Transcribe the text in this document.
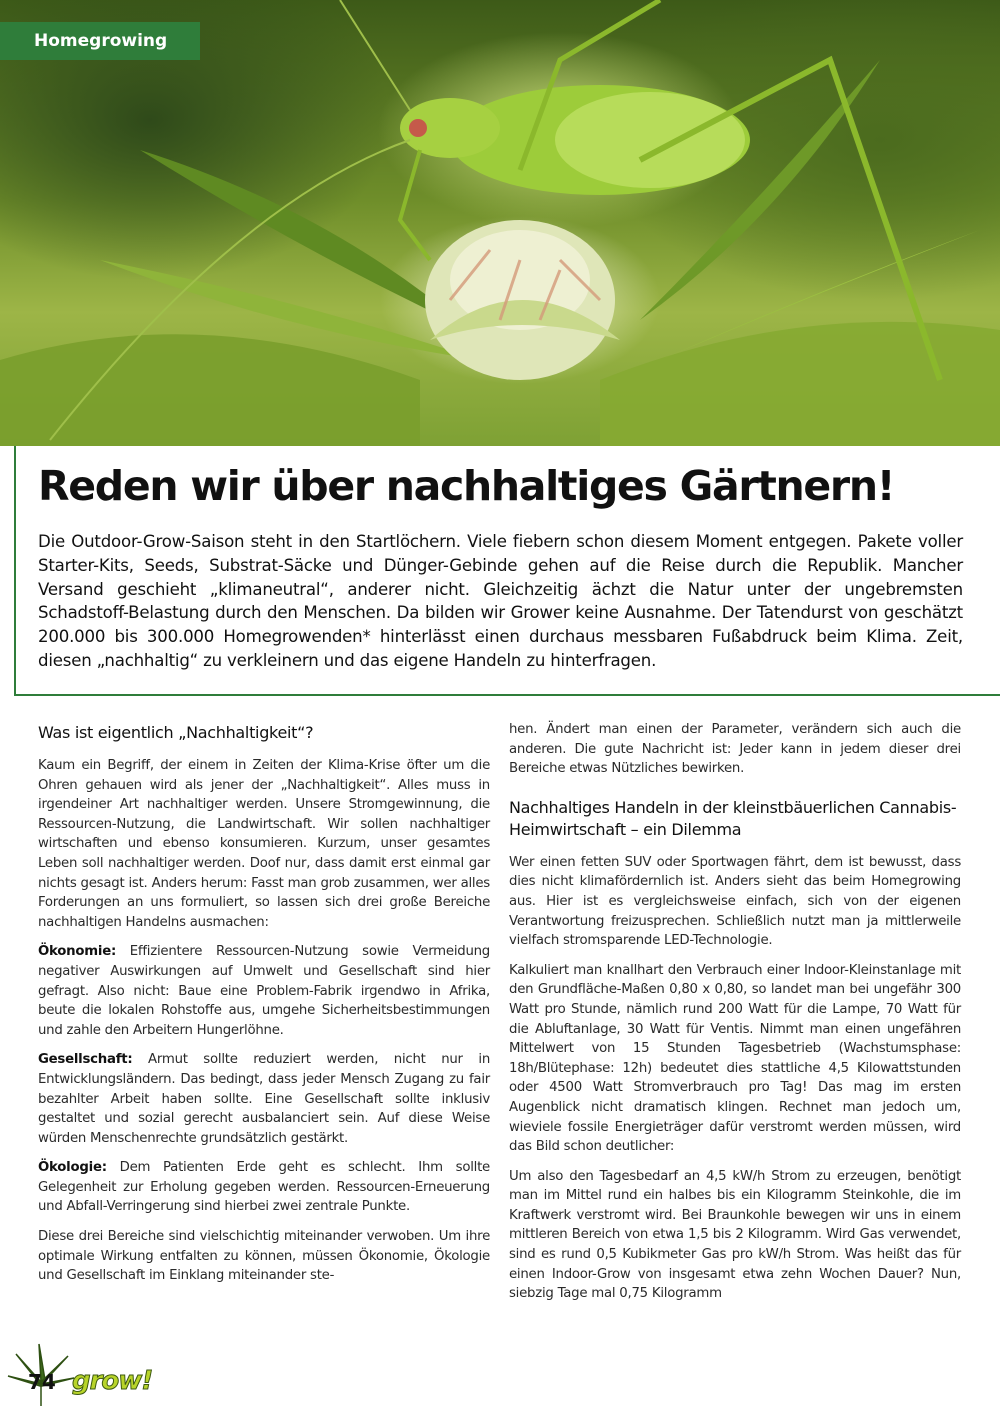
Homegrowing
Reden wir über nachhaltiges Gärtnern!

Die Outdoor-Grow-Saison steht in den Startlöchern. Viele fiebern schon diesem Moment entgegen. Pakete voller Starter-Kits, Seeds, Substrat-Säcke und Dünger-Gebinde gehen auf die Reise durch die Republik. Mancher Versand geschieht „klimaneutral“, anderer nicht. Gleichzeitig ächzt die Natur unter der ungebremsten Schadstoff-Belastung durch den Menschen. Da bilden wir Grower keine Ausnahme. Der Tatendurst von geschätzt 200.000 bis 300.000 Homegrowenden* hinterlässt einen durchaus messbaren Fußabdruck beim Klima. Zeit, diesen „nachhaltig“ zu verkleinern und das eigene Handeln zu hinterfragen.

Was ist eigentlich „Nachhaltigkeit“?

Kaum ein Begriff, der einem in Zeiten der Klima-Krise öfter um die Ohren gehauen wird als jener der „Nachhaltigkeit“. Alles muss in irgendeiner Art nachhaltiger werden. Unsere Stromgewinnung, die Ressourcen-Nutzung, die Landwirtschaft. Wir sollen nachhaltiger wirtschaften und ebenso konsumieren. Kurzum, unser gesamtes Leben soll nachhaltiger werden. Doof nur, dass damit erst einmal gar nichts gesagt ist. Anders herum: Fasst man grob zusammen, wer alles Forderungen an uns formuliert, so lassen sich drei große Bereiche nachhaltigen Handelns ausmachen:

Ökonomie: Effizientere Ressourcen-Nutzung sowie Vermeidung negativer Auswirkungen auf Umwelt und Gesellschaft sind hier gefragt. Also nicht: Baue eine Problem-Fabrik irgendwo in Afrika, beute die lokalen Rohstoffe aus, umgehe Sicherheitsbestimmungen und zahle den Arbeitern Hungerlöhne.

Gesellschaft: Armut sollte reduziert werden, nicht nur in Entwicklungsländern. Das bedingt, dass jeder Mensch Zugang zu fair bezahlter Arbeit haben sollte. Eine Gesellschaft sollte inklusiv gestaltet und sozial gerecht ausbalanciert sein. Auf diese Weise würden Menschenrechte grundsätzlich gestärkt.

Ökologie: Dem Patienten Erde geht es schlecht. Ihm sollte Gelegenheit zur Erholung gegeben werden. Ressourcen-Erneuerung und Abfall-Verringerung sind hierbei zwei zentrale Punkte.

Diese drei Bereiche sind vielschichtig miteinander verwoben. Um ihre optimale Wirkung entfalten zu können, müssen Ökonomie, Ökologie und Gesellschaft im Einklang miteinander ste-

hen. Ändert man einen der Parameter, verändern sich auch die anderen. Die gute Nachricht ist: Jeder kann in jedem dieser drei Bereiche etwas Nützliches bewirken.

Nachhaltiges Handeln in der kleinstbäuerlichen Cannabis-Heimwirtschaft – ein Dilemma

Wer einen fetten SUV oder Sportwagen fährt, dem ist bewusst, dass dies nicht klimafördernlich ist. Anders sieht das beim Homegrowing aus. Hier ist es vergleichsweise einfach, sich von der eigenen Verantwortung freizusprechen. Schließlich nutzt man ja mittlerweile vielfach stromsparende LED-Technologie.

Kalkuliert man knallhart den Verbrauch einer Indoor-Kleinstanlage mit den Grundfläche-Maßen 0,80 x 0,80, so landet man bei ungefähr 300 Watt pro Stunde, nämlich rund 200 Watt für die Lampe, 70 Watt für die Abluftanlage, 30 Watt für Ventis. Nimmt man einen ungefähren Mittelwert von 15 Stunden Tagesbetrieb (Wachstumsphase: 18h/Blütephase: 12h) bedeutet dies stattliche 4,5 Kilowattstunden oder 4500 Watt Stromverbrauch pro Tag! Das mag im ersten Augenblick nicht dramatisch klingen. Rechnet man jedoch um, wieviele fossile Energieträger dafür verstromt werden müssen, wird das Bild schon deutlicher:

Um also den Tagesbedarf an 4,5 kW/h Strom zu erzeugen, benötigt man im Mittel rund ein halbes bis ein Kilogramm Steinkohle, die im Kraftwerk verstromt wird. Bei Braunkohle bewegen wir uns in einem mittleren Bereich von etwa 1,5 bis 2 Kilogramm. Wird Gas verwendet, sind es rund 0,5 Kubikmeter Gas pro kW/h Strom. Was heißt das für einen Indoor-Grow von insgesamt etwa zehn Wochen Dauer? Nun, siebzig Tage mal 0,75 Kilogramm

74 grow!
